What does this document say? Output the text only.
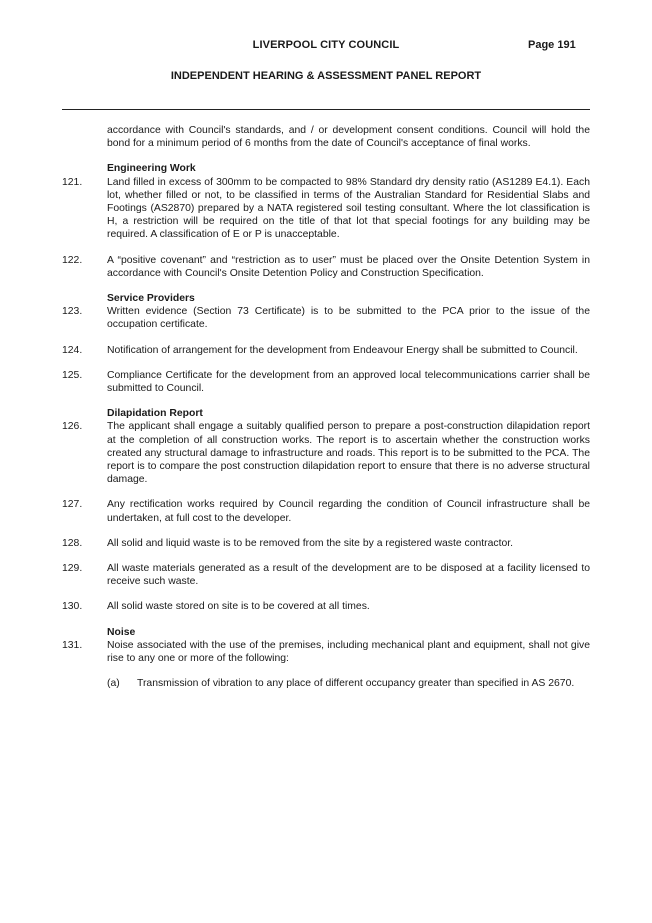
LIVERPOOL CITY COUNCIL	Page 191
INDEPENDENT HEARING & ASSESSMENT PANEL REPORT

accordance with Council's standards, and / or development consent conditions. Council will hold the bond for a minimum period of 6 months from the date of Council's acceptance of final works.

Engineering Work

121. Land filled in excess of 300mm to be compacted to 98% Standard dry density ratio (AS1289 E4.1). Each lot, whether filled or not, to be classified in terms of the Australian Standard for Residential Slabs and Footings (AS2870) prepared by a NATA registered soil testing consultant. Where the lot classification is H, a restriction will be required on the title of that lot that special footings for any building may be required. A classification of E or P is unacceptable.

122. A “positive covenant” and “restriction as to user” must be placed over the Onsite Detention System in accordance with Council's Onsite Detention Policy and Construction Specification.

Service Providers

123. Written evidence (Section 73 Certificate) is to be submitted to the PCA prior to the issue of the occupation certificate.

124. Notification of arrangement for the development from Endeavour Energy shall be submitted to Council.

125. Compliance Certificate for the development from an approved local telecommunications carrier shall be submitted to Council.

Dilapidation Report

126. The applicant shall engage a suitably qualified person to prepare a post-construction dilapidation report at the completion of all construction works. The report is to ascertain whether the construction works created any structural damage to infrastructure and roads. This report is to be submitted to the PCA. The report is to compare the post construction dilapidation report to ensure that there is no adverse structural damage.

127. Any rectification works required by Council regarding the condition of Council infrastructure shall be undertaken, at full cost to the developer.

128. All solid and liquid waste is to be removed from the site by a registered waste contractor.

129. All waste materials generated as a result of the development are to be disposed at a facility licensed to receive such waste.

130. All solid waste stored on site is to be covered at all times.

Noise

131. Noise associated with the use of the premises, including mechanical plant and equipment, shall not give rise to any one or more of the following:

(a) Transmission of vibration to any place of different occupancy greater than specified in AS 2670.
